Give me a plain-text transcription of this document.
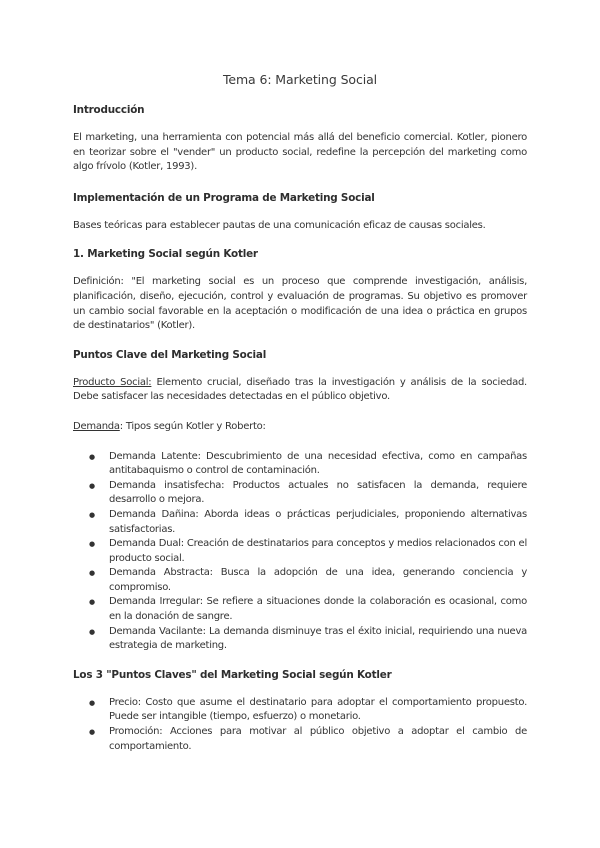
Tema 6: Marketing Social
Introducción

El marketing, una herramienta con potencial más allá del beneficio comercial. Kotler, pionero en teorizar sobre el "vender" un producto social, redefine la percepción del marketing como algo frívolo (Kotler, 1993).

Implementación de un Programa de Marketing Social

Bases teóricas para establecer pautas de una comunicación eficaz de causas sociales.

1. Marketing Social según Kotler

Definición: "El marketing social es un proceso que comprende investigación, análisis, planificación, diseño, ejecución, control y evaluación de programas. Su objetivo es promover un cambio social favorable en la aceptación o modificación de una idea o práctica en grupos de destinatarios" (Kotler).

Puntos Clave del Marketing Social

Producto Social: Elemento crucial, diseñado tras la investigación y análisis de la sociedad. Debe satisfacer las necesidades detectadas en el público objetivo.

Demanda: Tipos según Kotler y Roberto:

● Demanda Latente: Descubrimiento de una necesidad efectiva, como en campañas antitabaquismo o control de contaminación.
● Demanda insatisfecha: Productos actuales no satisfacen la demanda, requiere desarrollo o mejora.
● Demanda Dañina: Aborda ideas o prácticas perjudiciales, proponiendo alternativas satisfactorias.
● Demanda Dual: Creación de destinatarios para conceptos y medios relacionados con el producto social.
● Demanda Abstracta: Busca la adopción de una idea, generando conciencia y compromiso.
● Demanda Irregular: Se refiere a situaciones donde la colaboración es ocasional, como en la donación de sangre.
● Demanda Vacilante: La demanda disminuye tras el éxito inicial, requiriendo una nueva estrategia de marketing.
Los 3 "Puntos Claves" del Marketing Social según Kotler
● Precio: Costo que asume el destinatario para adoptar el comportamiento propuesto. Puede ser intangible (tiempo, esfuerzo) o monetario.
● Promoción: Acciones para motivar al público objetivo a adoptar el cambio de comportamiento.
